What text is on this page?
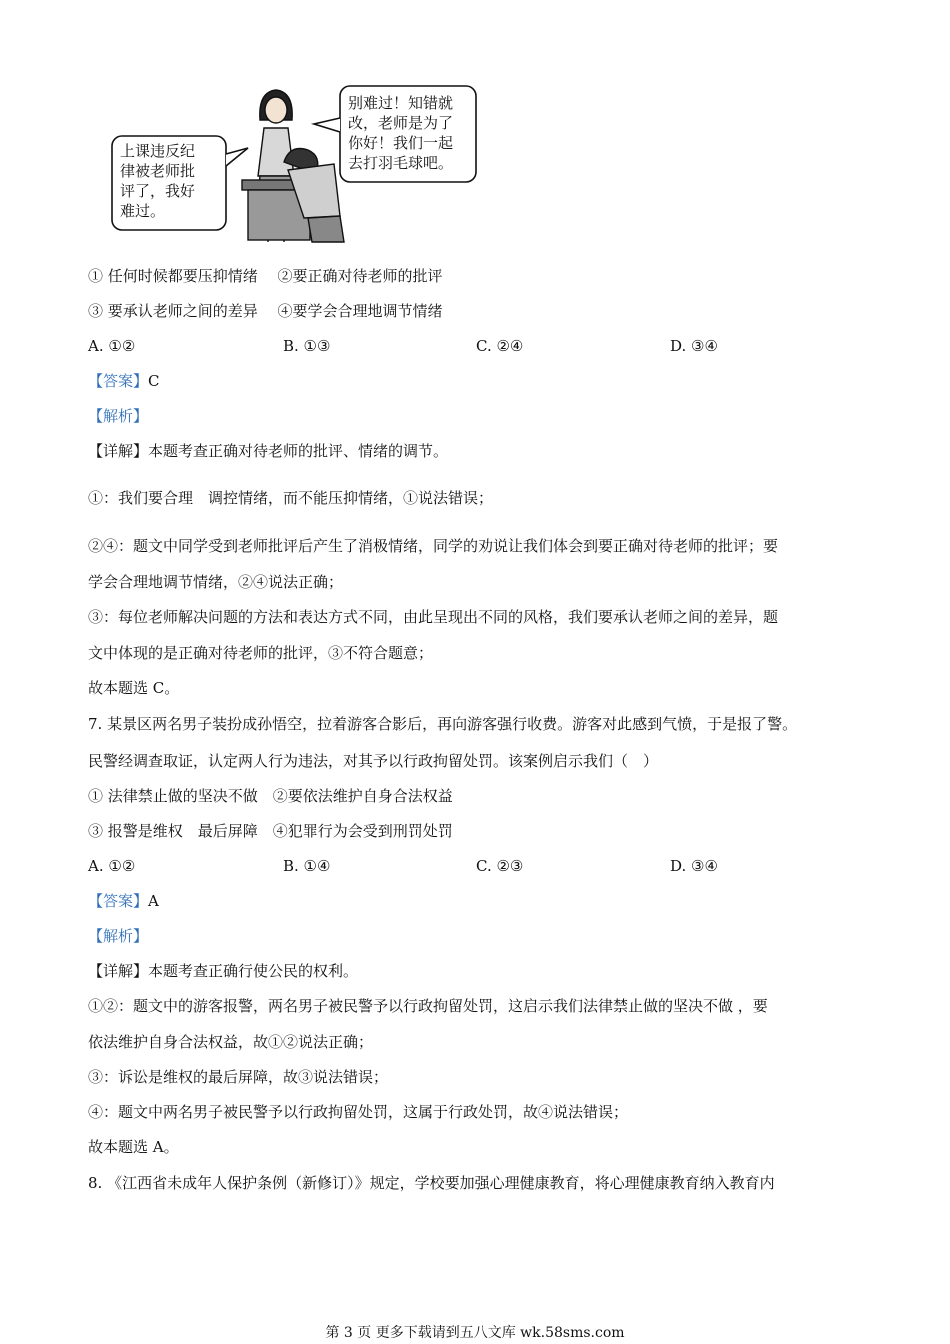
上课违反纪
律被老师批
评了，我好
难过。
别难过！知错就
改，老师是为了
你好！我们一起
去打羽毛球吧。
① 任何时候都要压抑情绪　 ②要正确对待老师的批评
③ 要承认老师之间的差异　 ④要学会合理地调节情绪
A. ①②	B. ①③	C. ②④	D. ③④
【答案】C
【解析】
【详解】本题考查正确对待老师的批评、情绪的调节。
①：我们要合理　调控情绪，而不能压抑情绪，①说法错误；
②④：题文中同学受到老师批评后产生了消极情绪，同学的劝说让我们体会到要正确对待老师的批评；要
学会合理地调节情绪，②④说法正确；
③：每位老师解决问题的方法和表达方式不同，由此呈现出不同的风格，我们要承认老师之间的差异，题
文中体现的是正确对待老师的批评，③不符合题意；
故本题选 C。
7. 某景区两名男子装扮成孙悟空，拉着游客合影后，再向游客强行收费。游客对此感到气愤，于是报了警。
民警经调查取证，认定两人行为违法，对其予以行政拘留处罚。该案例启示我们（　）
① 法律禁止做的坚决不做　②要依法维护自身合法权益
③ 报警是维权　最后屏障　④犯罪行为会受到刑罚处罚
A. ①②	B. ①④	C. ②③	D. ③④
【答案】A
【解析】
【详解】本题考查正确行使公民的权利。
①②：题文中的游客报警，两名男子被民警予以行政拘留处罚，这启示我们法律禁止做的坚决不做 ，要
依法维护自身合法权益，故①②说法正确；
③：诉讼是维权的最后屏障，故③说法错误；
④：题文中两名男子被民警予以行政拘留处罚，这属于行政处罚，故④说法错误；
故本题选 A。
8. 《江西省未成年人保护条例（新修订）》规定，学校要加强心理健康教育，将心理健康教育纳入教育内
第 3 页 更多下载请到五八文库 wk.58sms.com
